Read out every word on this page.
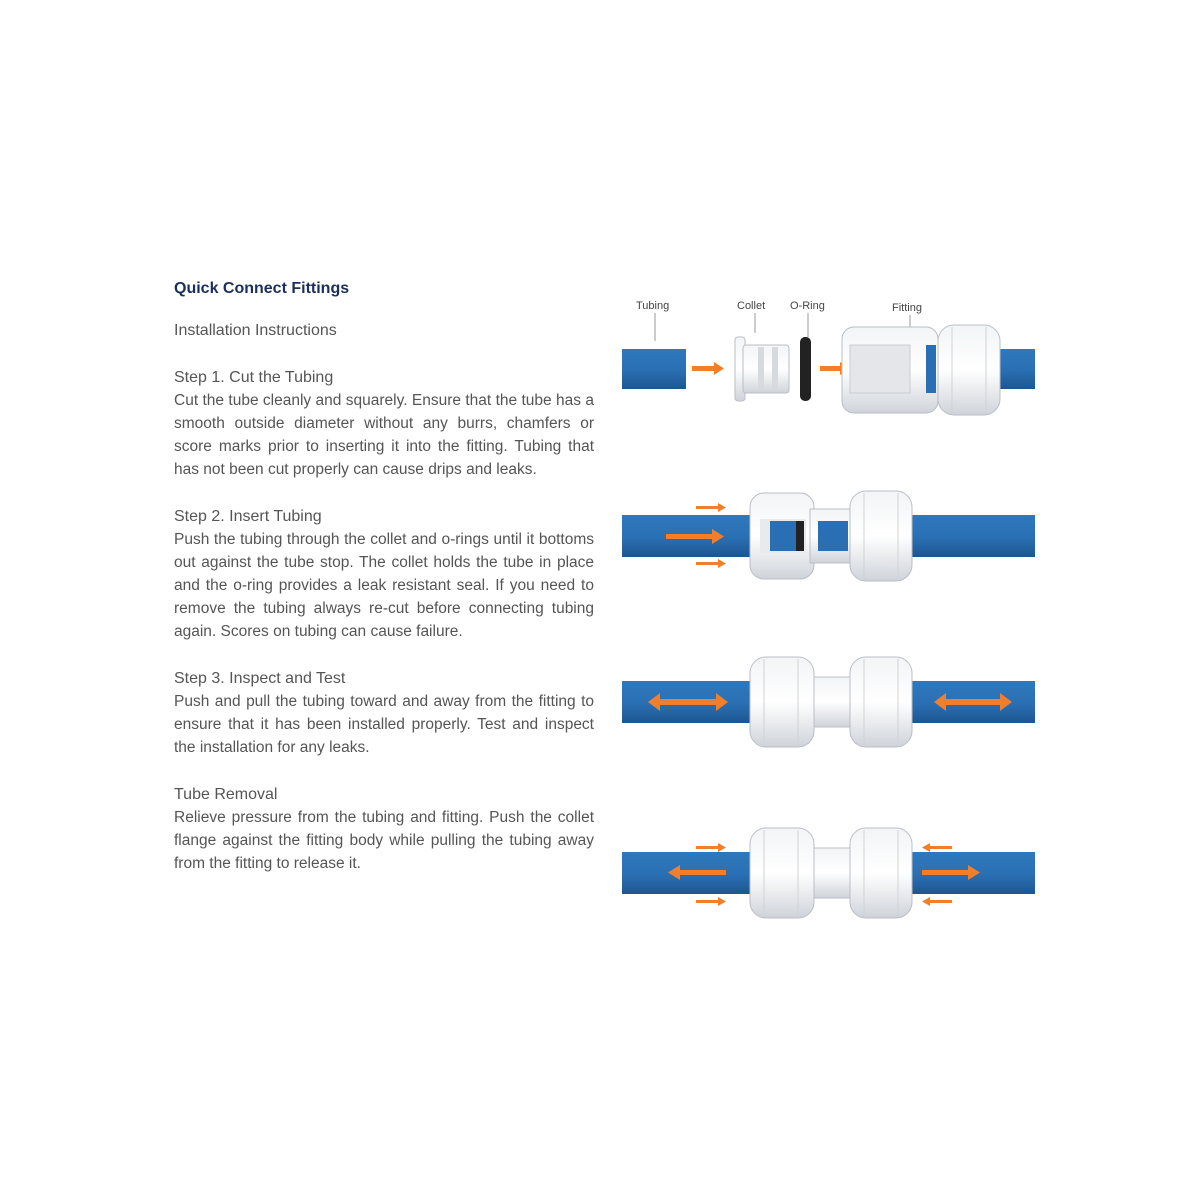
Quick Connect Fittings
Installation Instructions
Step 1. Cut the Tubing
Cut the tube cleanly and squarely. Ensure that the tube has a smooth outside diameter without any burrs, chamfers or score marks prior to inserting it into the fitting. Tubing that has not been cut properly can cause drips and leaks.
Step 2. Insert Tubing
Push the tubing through the collet and o-rings until it bottoms out against the tube stop. The collet holds the tube in place and the o-ring provides a leak resistant seal. If you need to remove the tubing always re-cut before connecting tubing again. Scores on tubing can cause failure.
Step 3. Inspect and Test
Push and pull the tubing toward and away from the fitting to ensure that it has been installed properly. Test and inspect the installation for any leaks.
Tube Removal
Relieve pressure from the tubing and fitting. Push the collet flange against the fitting body while pulling the tubing away from the fitting to release it.
Tubing	Collet O-Ring	Fitting
